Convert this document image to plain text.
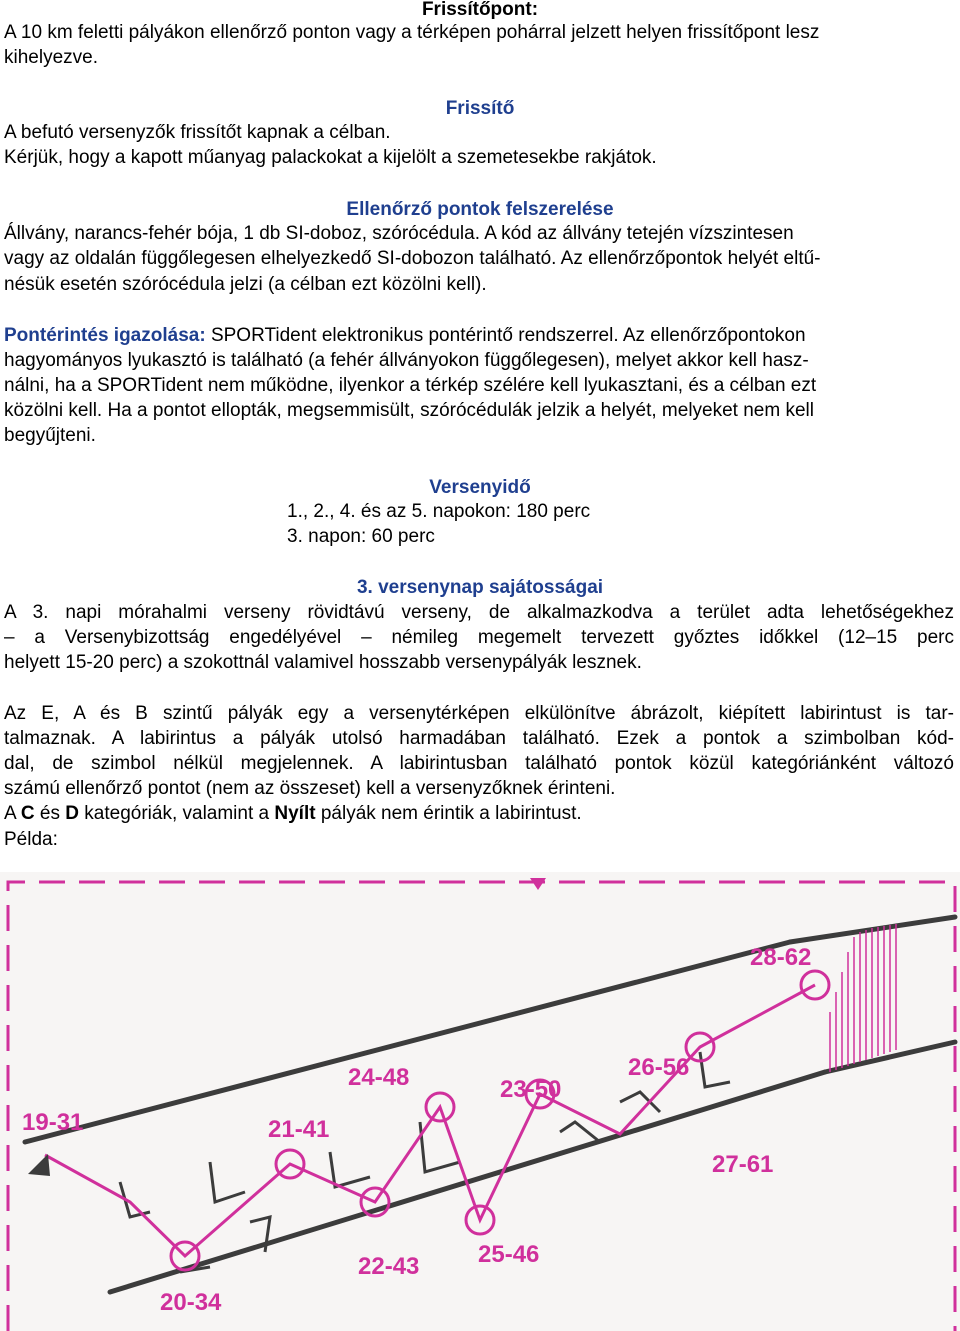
Frissítőpont:
A 10 km feletti pályákon ellenőrző ponton vagy a térképen pohárral jelzett helyen frissítőpont lesz
kihelyezve.
Frissítő
A befutó versenyzők frissítőt kapnak a célban.
Kérjük, hogy a kapott műanyag palackokat a kijelölt a szemetesekbe rakjátok.
Ellenőrző pontok felszerelése
Állvány, narancs-fehér bója, 1 db SI-doboz, szórócédula. A kód az állvány tetején vízszintesen
vagy az oldalán függőlegesen elhelyezkedő SI-dobozon található. Az ellenőrzőpontok helyét eltű-
nésük esetén szórócédula jelzi (a célban ezt közölni kell).
Pontérintés igazolása: SPORTident elektronikus pontérintő rendszerrel. Az ellenőrzőpontokon
hagyományos lyukasztó is található (a fehér állványokon függőlegesen), melyet akkor kell hasz-
nálni, ha a SPORTident nem működne, ilyenkor a térkép szélére kell lyukasztani, és a célban ezt
közölni kell. Ha a pontot ellopták, megsemmisült, szórócédulák jelzik a helyét, melyeket nem kell
begyűjteni.
Versenyidő
1., 2., 4. és az 5. napokon: 180 perc
3. napon: 60 perc
3. versenynap sajátosságai
A 3. napi mórahalmi verseny rövidtávú verseny, de alkalmazkodva a terület adta lehetőségekhez
– a Versenybizottság engedélyével – némileg megemelt tervezett győztes időkkel (12–15 perc
helyett 15-20 perc) a szokottnál valamivel hosszabb versenypályák lesznek.
Az E, A és B szintű pályák egy a versenytérképen elkülönítve ábrázolt, kiépített labirintust is tar-
talmaznak. A labirintus a pályák utolsó harmadában található. Ezek a pontok a szimbolban kód-
dal, de szimbol nélkül megjelennek. A labirintusban található pontok közül kategóriánként változó
számú ellenőrző pontot (nem az összeset) kell a versenyzőknek érinteni.
A C és D kategóriák, valamint a Nyílt pályák nem érintik a labirintust.
Példa:
19-31
20-34
21-41
24-48
22-43
23-50
25-46
26-56
27-61
28-62
